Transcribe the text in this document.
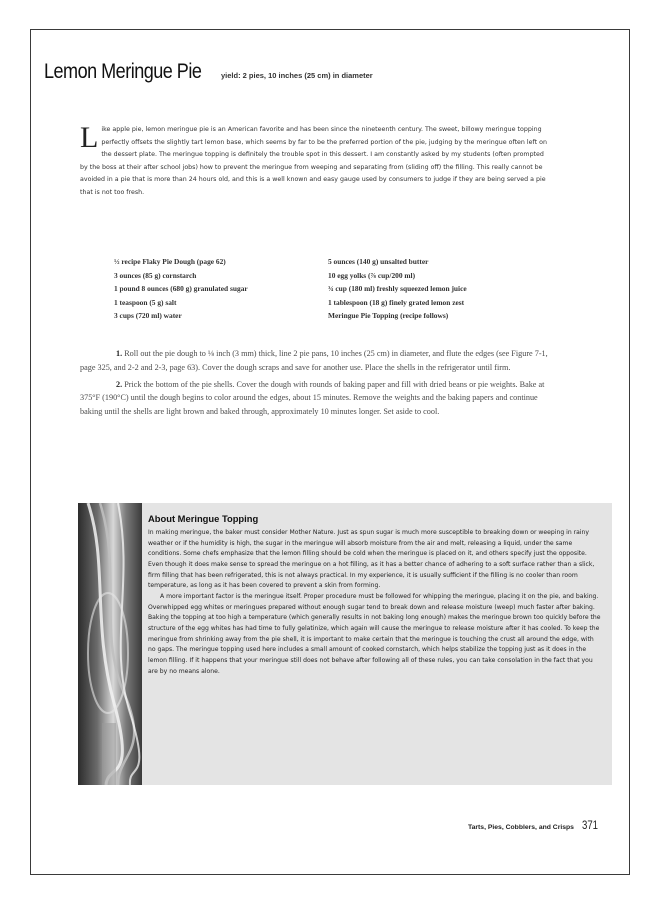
Lemon Meringue Pie	yield: 2 pies, 10 inches (25 cm) in diameter
L ike apple pie, lemon meringue pie is an American favorite and has been since the nineteenth century. The sweet, billowy meringue topping perfectly offsets the slightly tart lemon base, which seems by far to be the preferred portion of the pie, judging by the meringue often left on the dessert plate. The meringue topping is definitely the trouble spot in this dessert. I am constantly asked by my students (often prompted by the boss at their after school jobs) how to prevent the meringue from weeping and separating from (sliding off) the filling. This really cannot be avoided in a pie that is more than 24 hours old, and this is a well known and easy gauge used by consumers to judge if they are being served a pie that is not too fresh.
½ recipe Flaky Pie Dough (page 62)	5 ounces (140 g) unsalted butter
3 ounces (85 g) cornstarch	10 egg yolks (⅞ cup/200 ml)
1 pound 8 ounces (680 g) granulated sugar	¾ cup (180 ml) freshly squeezed lemon juice
1 teaspoon (5 g) salt	1 tablespoon (18 g) finely grated lemon zest
3 cups (720 ml) water	Meringue Pie Topping (recipe follows)

1. Roll out the pie dough to ⅛ inch (3 mm) thick, line 2 pie pans, 10 inches (25 cm) in diameter, and flute the edges (see Figure 7-1, page 325, and 2-2 and 2-3, page 63). Cover the dough scraps and save for another use. Place the shells in the refrigerator until firm.

2. Prick the bottom of the pie shells. Cover the dough with rounds of baking paper and fill with dried beans or pie weights. Bake at 375°F (190°C) until the dough begins to color around the edges, about 15 minutes. Remove the weights and the baking papers and continue baking until the shells are light brown and baked through, approximately 10 minutes longer. Set aside to cool.

About Meringue Topping

In making meringue, the baker must consider Mother Nature. Just as spun sugar is much more susceptible to breaking down or weeping in rainy weather or if the humidity is high, the sugar in the meringue will absorb moisture from the air and melt, releasing a liquid, under the same conditions. Some chefs emphasize that the lemon filling should be cold when the meringue is placed on it, and others specify just the opposite. Even though it does make sense to spread the meringue on a hot filling, as it has a better chance of adhering to a soft surface rather than a slick, firm filling that has been refrigerated, this is not always practical. In my experience, it is usually sufficient if the filling is no cooler than room temperature, as long as it has been covered to prevent a skin from forming.

A more important factor is the meringue itself. Proper procedure must be followed for whipping the meringue, placing it on the pie, and baking. Overwhipped egg whites or meringues prepared without enough sugar tend to break down and release moisture (weep) much faster after baking. Baking the topping at too high a temperature (which generally results in not baking long enough) makes the meringue brown too quickly before the structure of the egg whites has had time to fully gelatinize, which again will cause the meringue to release moisture after it has cooled. To keep the meringue from shrinking away from the pie shell, it is important to make certain that the meringue is touching the crust all around the edge, with no gaps. The meringue topping used here includes a small amount of cooked cornstarch, which helps stabilize the topping just as it does in the lemon filling. If it happens that your meringue still does not behave after following all of these rules, you can take consolation in the fact that you are by no means alone.

Tarts, Pies, Cobblers, and Crisps 371
